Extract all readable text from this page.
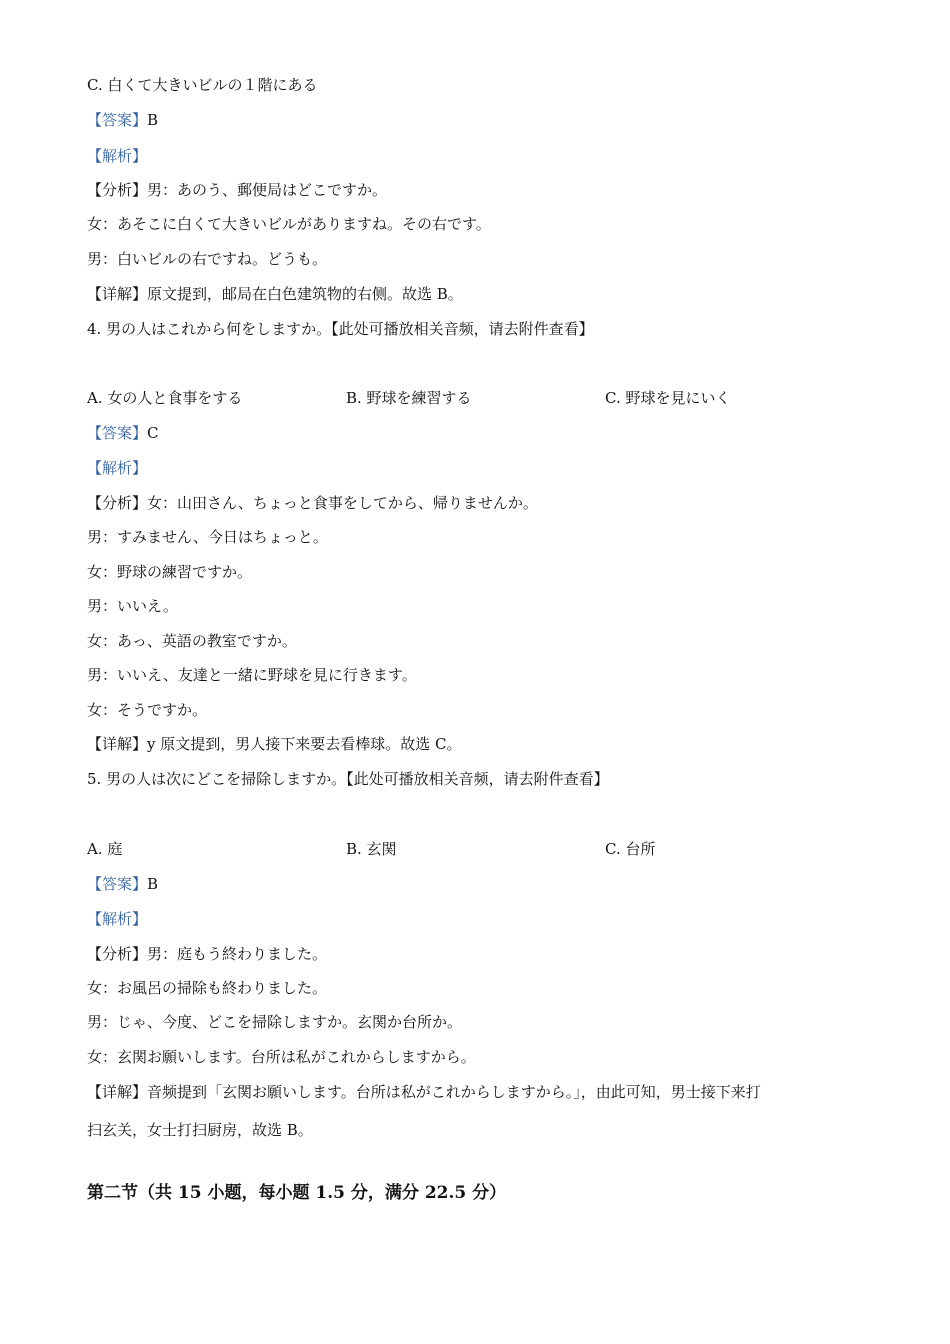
C. 白くて大きいビルの１階にある
【答案】B
【解析】
【分析】男：あのう、郵便局はどこですか。
女：あそこに白くて大きいビルがありますね。その右です。
男：白いビルの右ですね。どうも。
【详解】原文提到，邮局在白色建筑物的右侧。故选 B。
4. 男の人はこれから何をしますか。【此处可播放相关音频，请去附件查看】
A. 女の人と食事をする	B. 野球を練習する	C. 野球を見にいく
【答案】C
【解析】
【分析】女：山田さん、ちょっと食事をしてから、帰りませんか。
男：すみません、今日はちょっと。
女：野球の練習ですか。
男：いいえ。
女：あっ、英語の教室ですか。
男：いいえ、友達と一緒に野球を見に行きます。
女：そうですか。
【详解】y 原文提到，男人接下来要去看棒球。故选 C。
5. 男の人は次にどこを掃除しますか。【此处可播放相关音频，请去附件查看】
A. 庭	B. 玄関	C. 台所
【答案】B
【解析】
【分析】男：庭もう終わりました。
女：お風呂の掃除も終わりました。
男：じゃ、今度、どこを掃除しますか。玄関か台所か。
女：玄関お願いします。台所は私がこれからしますから。
【详解】音频提到「玄関お願いします。台所は私がこれからしますから。」，由此可知，男士接下来打
扫玄关，女士打扫厨房，故选 B。
第二节（共 15 小题，每小题 1.5 分，满分 22.5 分）
